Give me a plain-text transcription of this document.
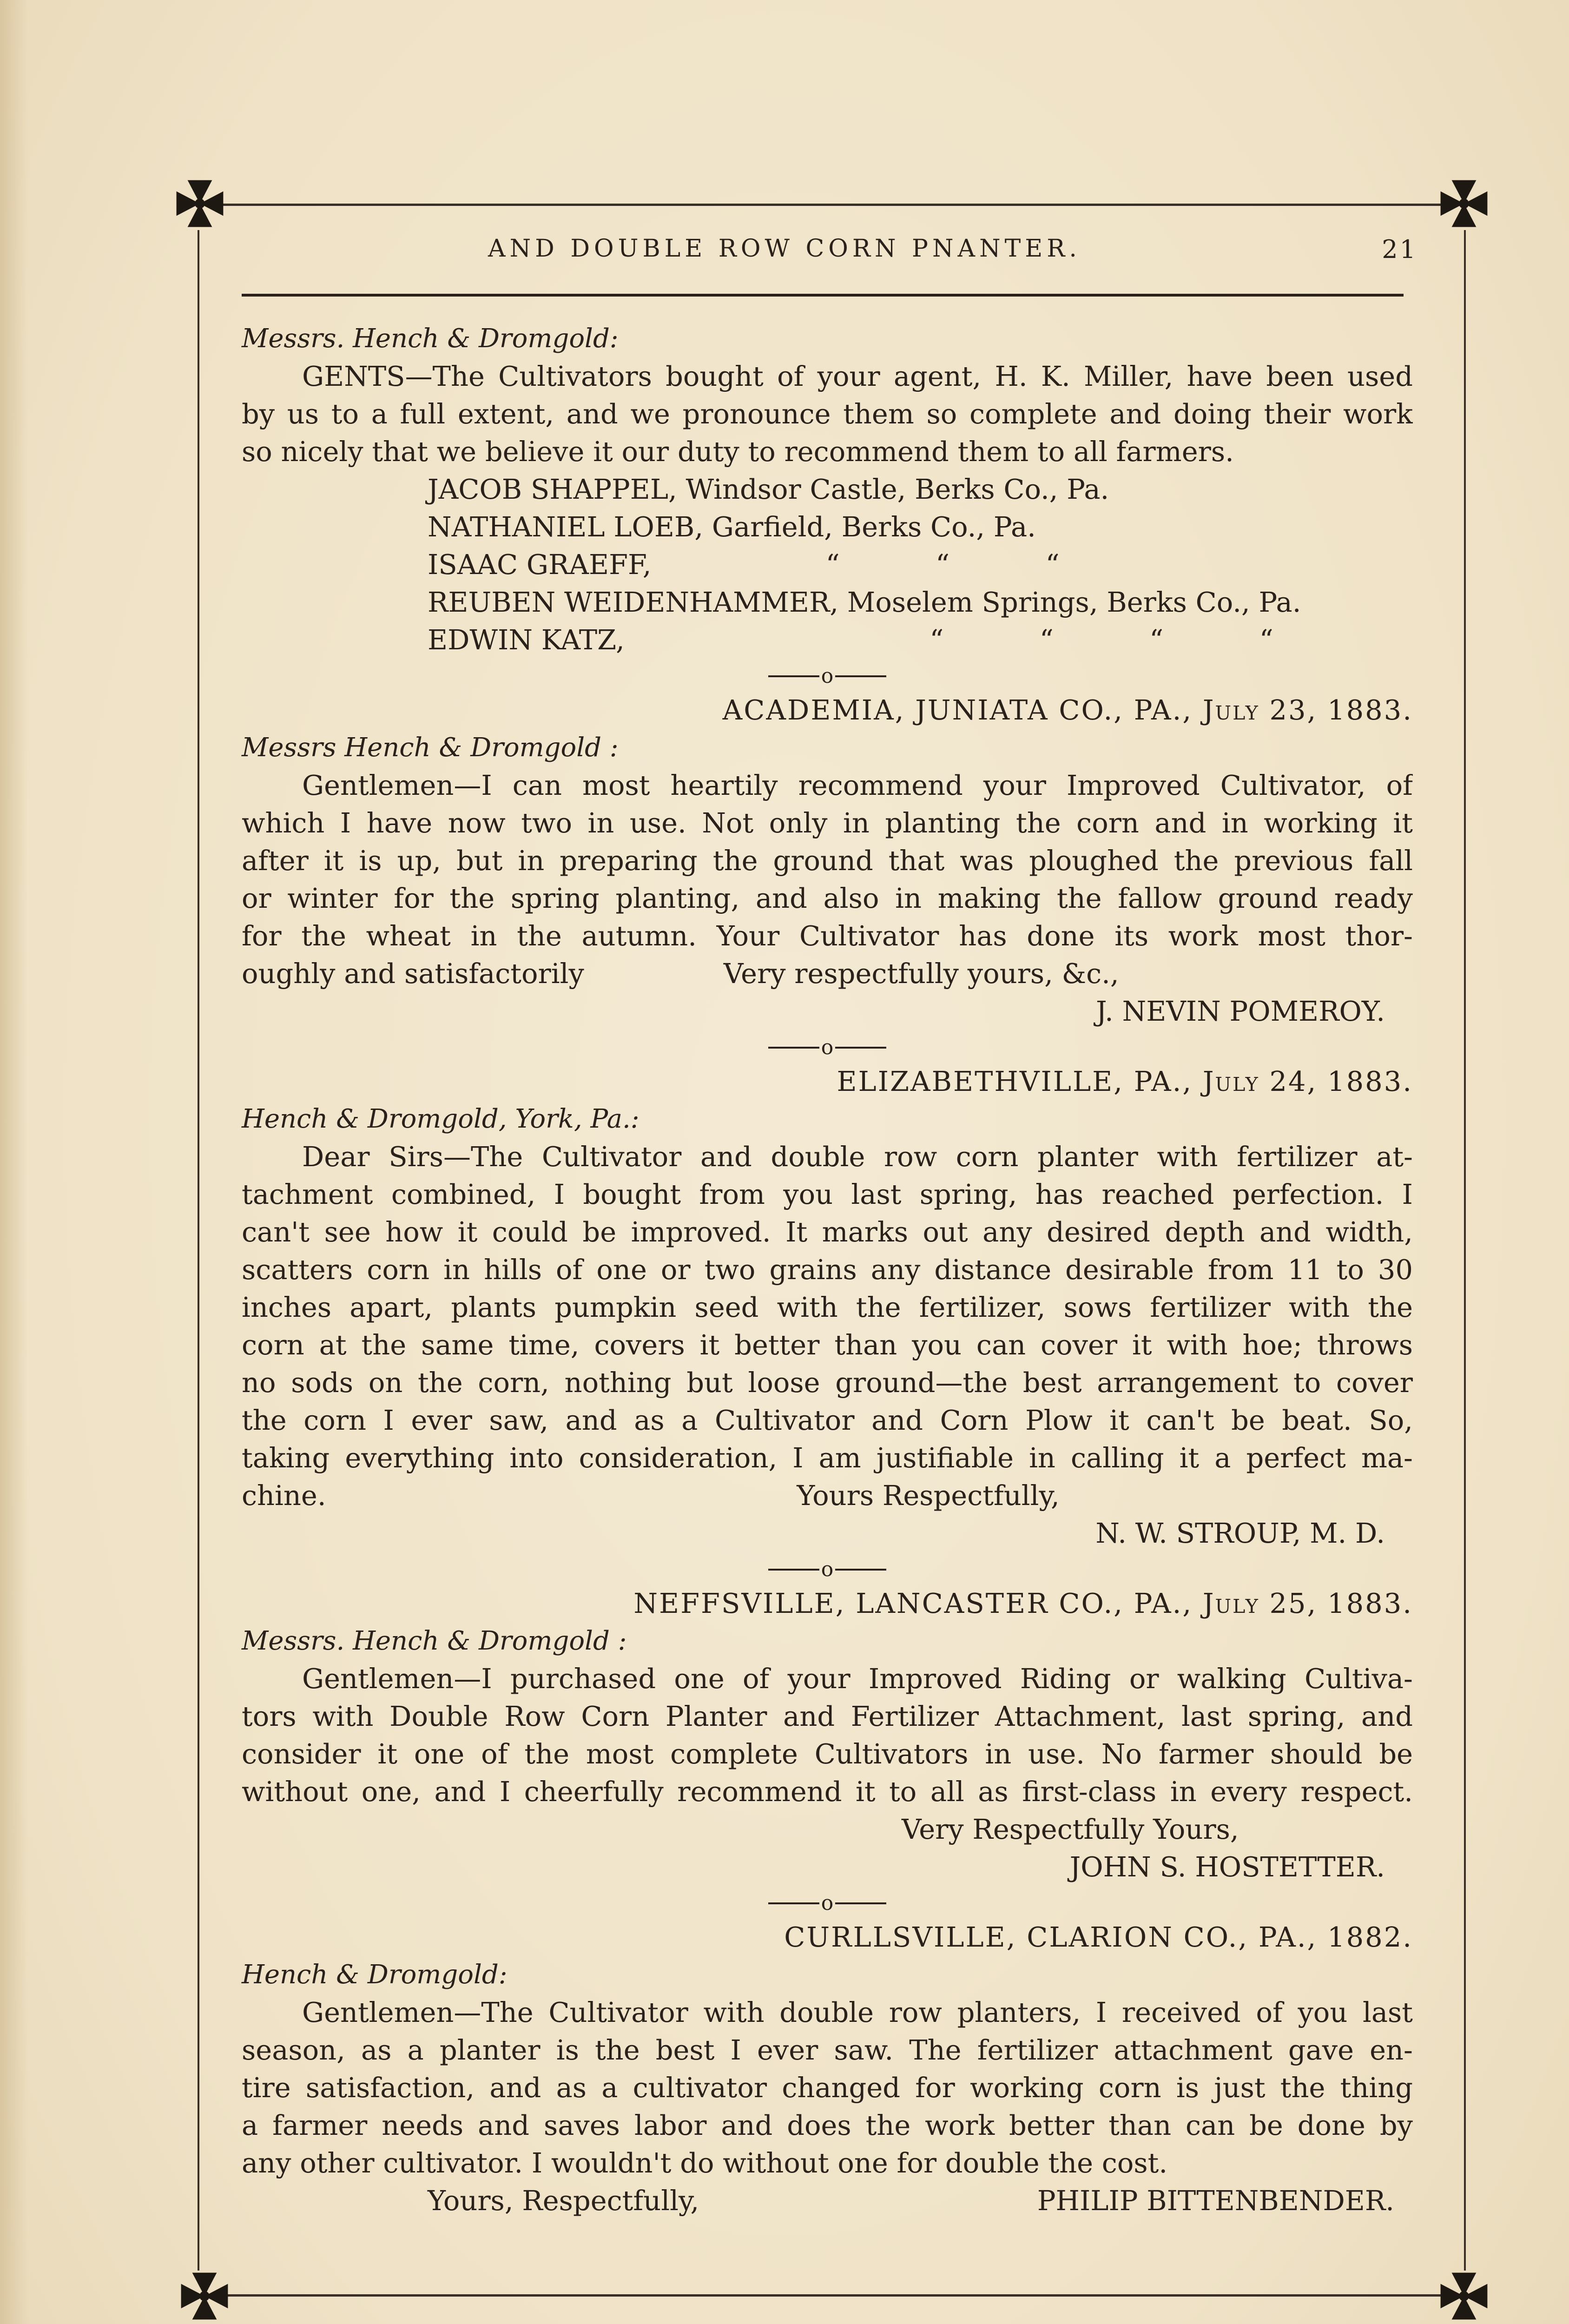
AND DOUBLE ROW CORN PNANTER.	21
Messrs. Hench & Dromgold:
GENTS—The Cultivators bought of your agent, H. K. Miller, have been used
by us to a full extent, and we pronounce them so complete and doing their work
so nicely that we believe it our duty to recommend them to all farmers.
JACOB SHAPPEL, Windsor Castle, Berks Co., Pa.
NATHANIEL LOEB, Garfield, Berks Co., Pa.
ISAAC GRAEFF,                    “           “           “
REUBEN WEIDENHAMMER, Moselem Springs, Berks Co., Pa.
EDWIN KATZ,                                   “           “           “           “
o
ACADEMIA, JUNIATA CO., PA., July 23, 1883.
Messrs Hench & Dromgold :
Gentlemen—I can most heartily recommend your Improved Cultivator, of
which I have now two in use. Not only in planting the corn and in working it
after it is up, but in preparing the ground that was ploughed the previous fall
or winter for the spring planting, and also in making the fallow ground ready
for the wheat in the autumn. Your Cultivator has done its work most thor-
oughly and satisfactorily                Very respectfully yours, &c.,
J. NEVIN POMEROY.
o
ELIZABETHVILLE, PA., July 24, 1883.
Hench & Dromgold, York, Pa.:
Dear Sirs—The Cultivator and double row corn planter with fertilizer at-
tachment combined, I bought from you last spring, has reached perfection. I
can't see how it could be improved. It marks out any desired depth and width,
scatters corn in hills of one or two grains any distance desirable from 11 to 30
inches apart, plants pumpkin seed with the fertilizer, sows fertilizer with the
corn at the same time, covers it better than you can cover it with hoe; throws
no sods on the corn, nothing but loose ground—the best arrangement to cover
the corn I ever saw, and as a Cultivator and Corn Plow it can't be beat. So,
taking everything into consideration, I am justifiable in calling it a perfect ma-
chine.                                                      Yours Respectfully,
N. W. STROUP, M. D.
o
NEFFSVILLE, LANCASTER CO., PA., July 25, 1883.
Messrs. Hench & Dromgold :
Gentlemen—I purchased one of your Improved Riding or walking Cultiva-
tors with Double Row Corn Planter and Fertilizer Attachment, last spring, and
consider it one of the most complete Cultivators in use. No farmer should be
without one, and I cheerfully recommend it to all as first-class in every respect.
Very Respectfully Yours,
JOHN S. HOSTETTER.
o
CURLLSVILLE, CLARION CO., PA., 1882.
Hench & Dromgold:
Gentlemen—The Cultivator with double row planters, I received of you last
season, as a planter is the best I ever saw. The fertilizer attachment gave en-
tire satisfaction, and as a cultivator changed for working corn is just the thing
a farmer needs and saves labor and does the work better than can be done by
any other cultivator. I wouldn't do without one for double the cost.
Yours, Respectfully,	PHILIP BITTENBENDER.
